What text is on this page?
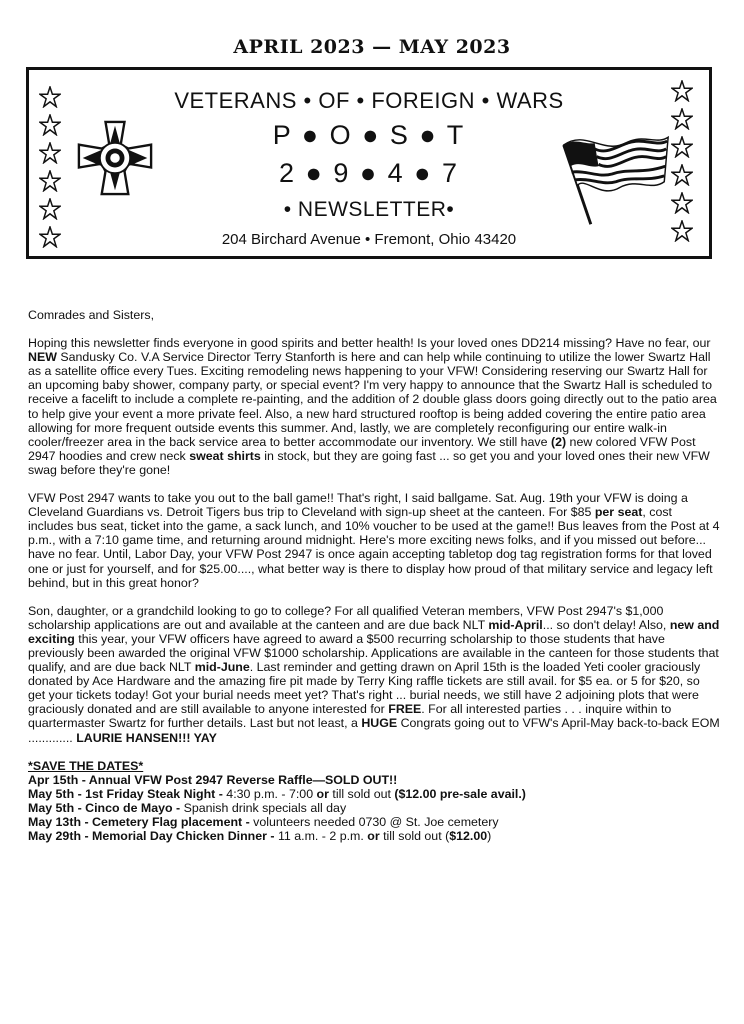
APRIL 2023 — MAY 2023
VETERANS • OF • FOREIGN • WARS
P ● O ● S ● T
2 ● 9 ● 4 ● 7
• NEWSLETTER•
204 Birchard Avenue • Fremont, Ohio 43420

Comrades and Sisters,

Hoping this newsletter finds everyone in good spirits and better health! Is your loved ones DD214 missing? Have no fear, our NEW Sandusky Co. V.A Service Director Terry Stanforth is here and can help while continuing to utilize the lower Swartz Hall as a satellite office every Tues. Exciting remodeling news happening to your VFW! Considering reserving our Swartz Hall for an upcoming baby shower, company party, or special event? I'm very happy to announce that the Swartz Hall is scheduled to receive a facelift to include a complete re-painting, and the addition of 2 double glass doors going directly out to the patio area to help give your event a more private feel. Also, a new hard structured rooftop is being added covering the entire patio area allowing for more frequent outside events this summer. And, lastly, we are completely reconfiguring our entire walk-in cooler/freezer area in the back service area to better accommodate our inventory. We still have (2) new colored VFW Post 2947 hoodies and crew neck sweat shirts in stock, but they are going fast ... so get you and your loved ones their new VFW swag before they're gone!

VFW Post 2947 wants to take you out to the ball game!! That's right, I said ballgame. Sat. Aug. 19th your VFW is doing a Cleveland Guardians vs. Detroit Tigers bus trip to Cleveland with sign-up sheet at the canteen. For $85 per seat, cost includes bus seat, ticket into the game, a sack lunch, and 10% voucher to be used at the game!! Bus leaves from the Post at 4 p.m., with a 7:10 game time, and returning around midnight. Here's more exciting news folks, and if you missed out before... have no fear. Until, Labor Day, your VFW Post 2947 is once again accepting tabletop dog tag registration forms for that loved one or just for yourself, and for $25.00...., what better way is there to display how proud of that military service and legacy left behind, but in this great honor?

Son, daughter, or a grandchild looking to go to college? For all qualified Veteran members, VFW Post 2947's $1,000 scholarship applications are out and available at the canteen and are due back NLT mid-April... so don't delay! Also, new and exciting this year, your VFW officers have agreed to award a $500 recurring scholarship to those students that have previously been awarded the original VFW $1000 scholarship. Applications are available in the canteen for those students that qualify, and are due back NLT mid-June. Last reminder and getting drawn on April 15th is the loaded Yeti cooler graciously donated by Ace Hardware and the amazing fire pit made by Terry King raffle tickets are still avail. for $5 ea. or 5 for $20, so get your tickets today! Got your burial needs meet yet? That's right ... burial needs, we still have 2 adjoining plots that were graciously donated and are still available to anyone interested for FREE. For all interested parties . . . inquire within to quartermaster Swartz for further details. Last but not least, a HUGE Congrats going out to VFW's April-May back-to-back EOM ............. LAURIE HANSEN!!! YAY

*SAVE THE DATES*
Apr 15th - Annual VFW Post 2947 Reverse Raffle—SOLD OUT!!
May 5th - 1st Friday Steak Night - 4:30 p.m. - 7:00 or till sold out ($12.00 pre-sale avail.)
May 5th - Cinco de Mayo - Spanish drink specials all day
May 13th - Cemetery Flag placement - volunteers needed 0730 @ St. Joe cemetery
May 29th - Memorial Day Chicken Dinner - 11 a.m. - 2 p.m. or till sold out ($12.00)
